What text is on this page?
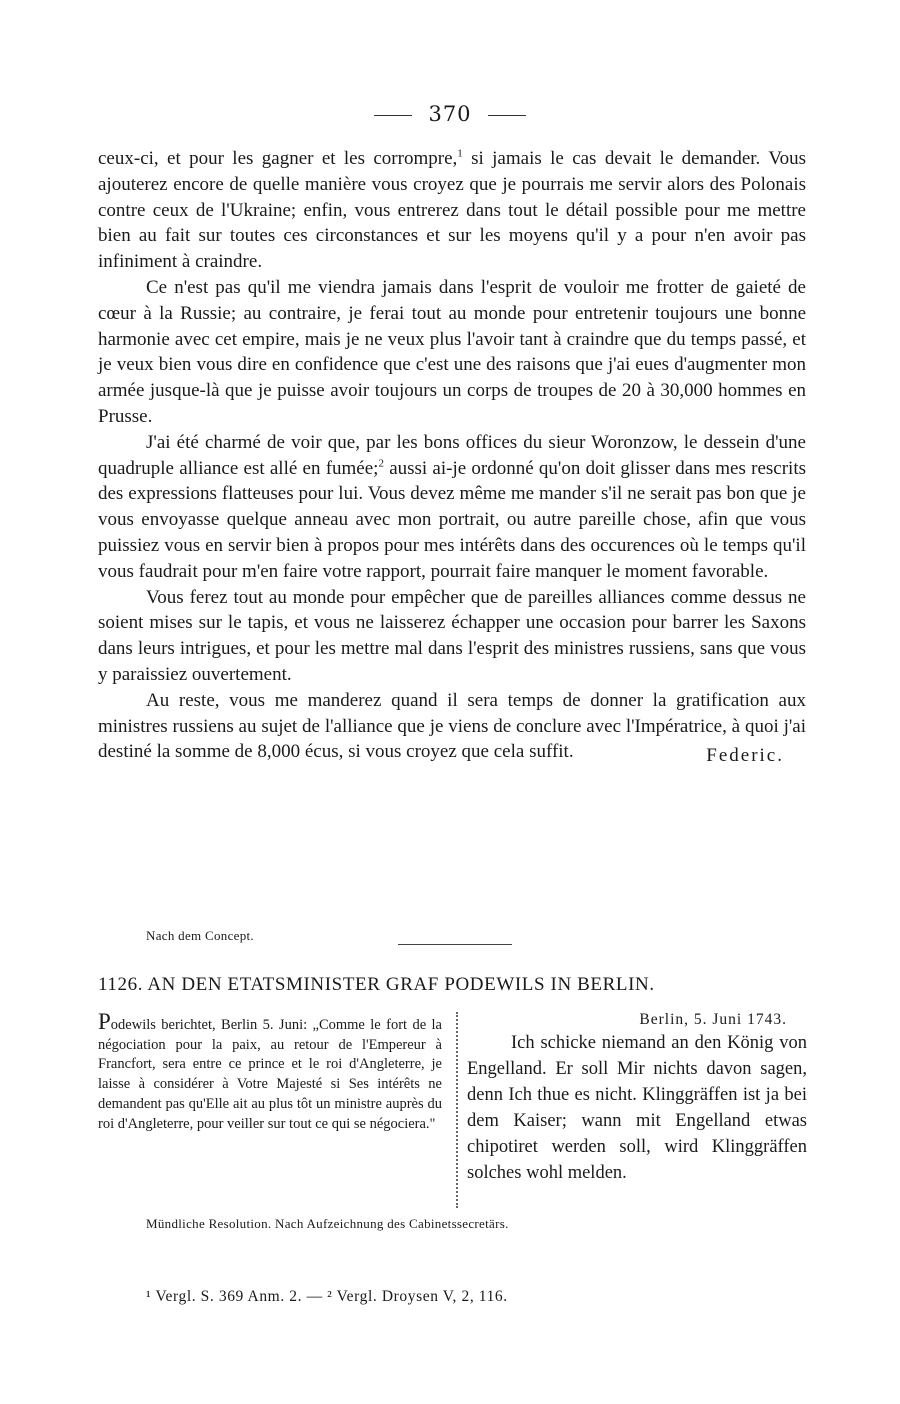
370

ceux-ci, et pour les gagner et les corrompre,$^1$ si jamais le cas devait le demander. Vous ajouterez encore de quelle manière vous croyez que je pourrais me servir alors des Polonais contre ceux de l'Ukraine; enfin, vous entrerez dans tout le détail possible pour me mettre bien au fait sur toutes ces circonstances et sur les moyens qu'il y a pour n'en avoir pas infiniment à craindre.

Ce n'est pas qu'il me viendra jamais dans l'esprit de vouloir me frotter de gaieté de cœur à la Russie; au contraire, je ferai tout au monde pour entretenir toujours une bonne harmonie avec cet empire, mais je ne veux plus l'avoir tant à craindre que du temps passé, et je veux bien vous dire en confidence que c'est une des raisons que j'ai eues d'augmenter mon armée jusque-là que je puisse avoir toujours un corps de troupes de 20 à 30,000 hommes en Prusse.

J'ai été charmé de voir que, par les bons offices du sieur Woronzow, le dessein d'une quadruple alliance est allé en fumée;$^2$ aussi ai-je ordonné qu'on doit glisser dans mes rescrits des expressions flatteuses pour lui. Vous devez même me mander s'il ne serait pas bon que je vous envoyasse quelque anneau avec mon portrait, ou autre pareille chose, afin que vous puissiez vous en servir bien à propos pour mes intérêts dans des occurences où le temps qu'il vous faudrait pour m'en faire votre rapport, pourrait faire manquer le moment favorable.

Vous ferez tout au monde pour empêcher que de pareilles alliances comme dessus ne soient mises sur le tapis, et vous ne laisserez échapper une occasion pour barrer les Saxons dans leurs intrigues, et pour les mettre mal dans l'esprit des ministres russiens, sans que vous y paraissiez ouvertement.

Au reste, vous me manderez quand il sera temps de donner la gratification aux ministres russiens au sujet de l'alliance que je viens de conclure avec l'Impératrice, à quoi j'ai destiné la somme de 8,000 écus, si vous croyez que cela suffit.	Federic.

Nach dem Concept.
1126. AN DEN ETATSMINISTER GRAF PODEWILS IN BERLIN.
Podewils berichtet, Berlin 5. Juni: „Comme le fort de la négociation pour la paix, au retour de l'Empereur à Francfort, sera entre ce prince et le roi d'Angleterre, je laisse à considérer à Votre Majesté si Ses intérêts ne demandent pas qu'Elle ait au plus tôt un ministre auprès du roi d'Angleterre, pour veiller sur tout ce qui se négociera."
Berlin, 5. Juni 1743.
Ich schicke niemand an den König von Engelland. Er soll Mir nichts davon sagen, denn Ich thue es nicht. Klinggräffen ist ja bei dem Kaiser; wann mit Engelland etwas chipotiret werden soll, wird Klinggräffen solches wohl melden.
Mündliche Resolution. Nach Aufzeichnung des Cabinetssecretärs.
¹ Vergl. S. 369 Anm. 2. — ² Vergl. Droysen V, 2, 116.
